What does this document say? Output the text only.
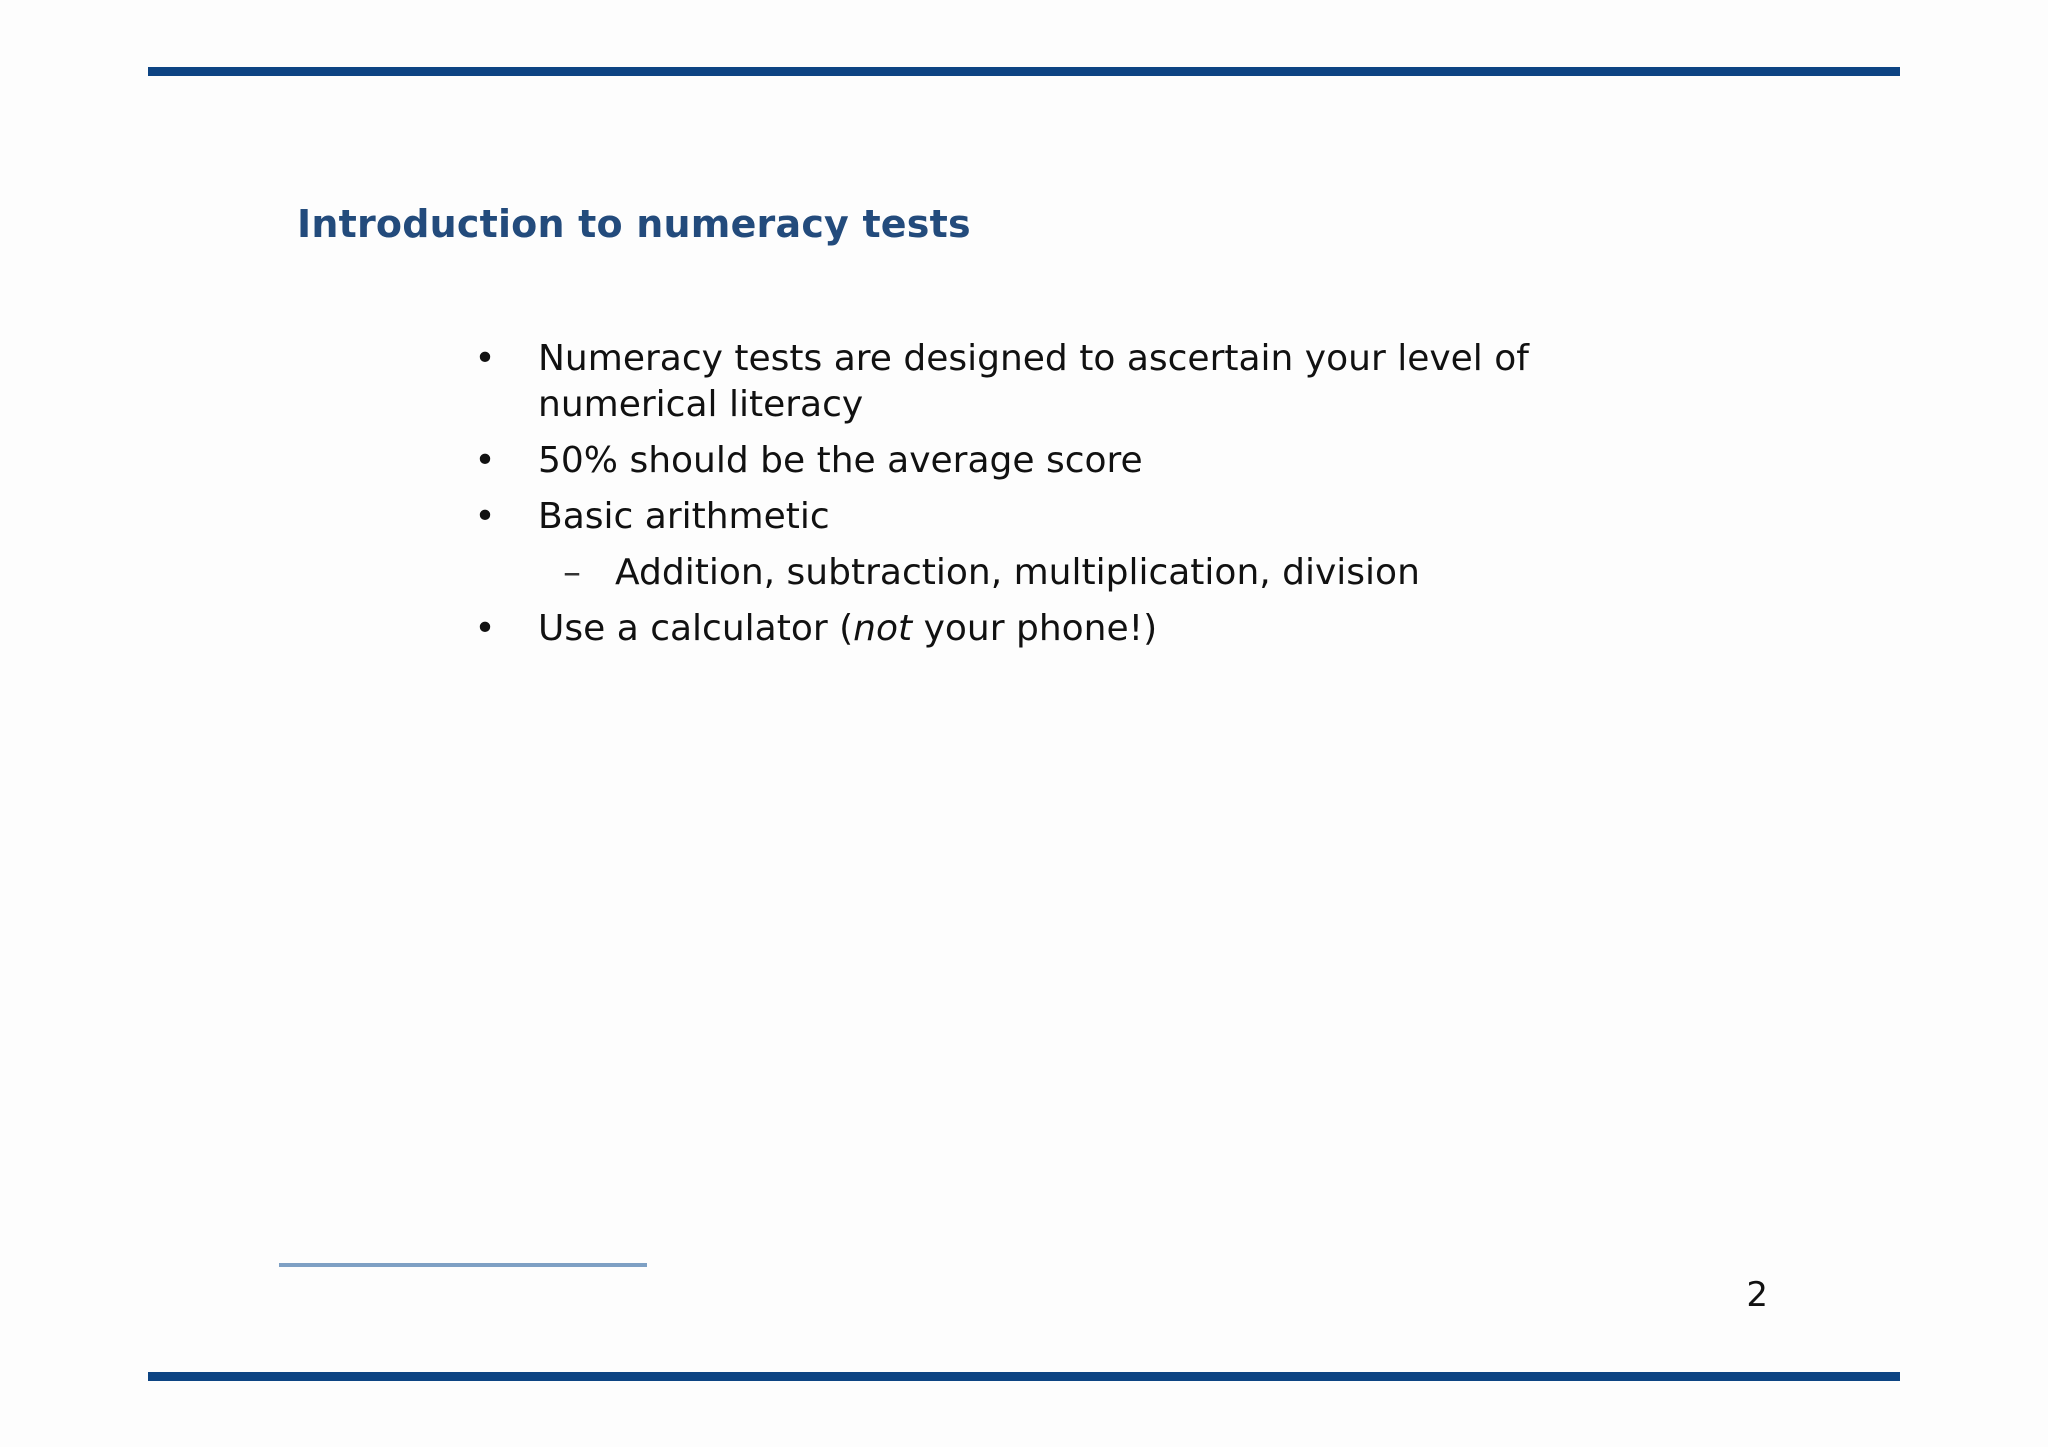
Introduction to numeracy tests
• Numeracy tests are designed to ascertain your level of numerical literacy
• 50% should be the average score
• Basic arithmetic
– Addition, subtraction, multiplication, division
• Use a calculator (not your phone!)
2
